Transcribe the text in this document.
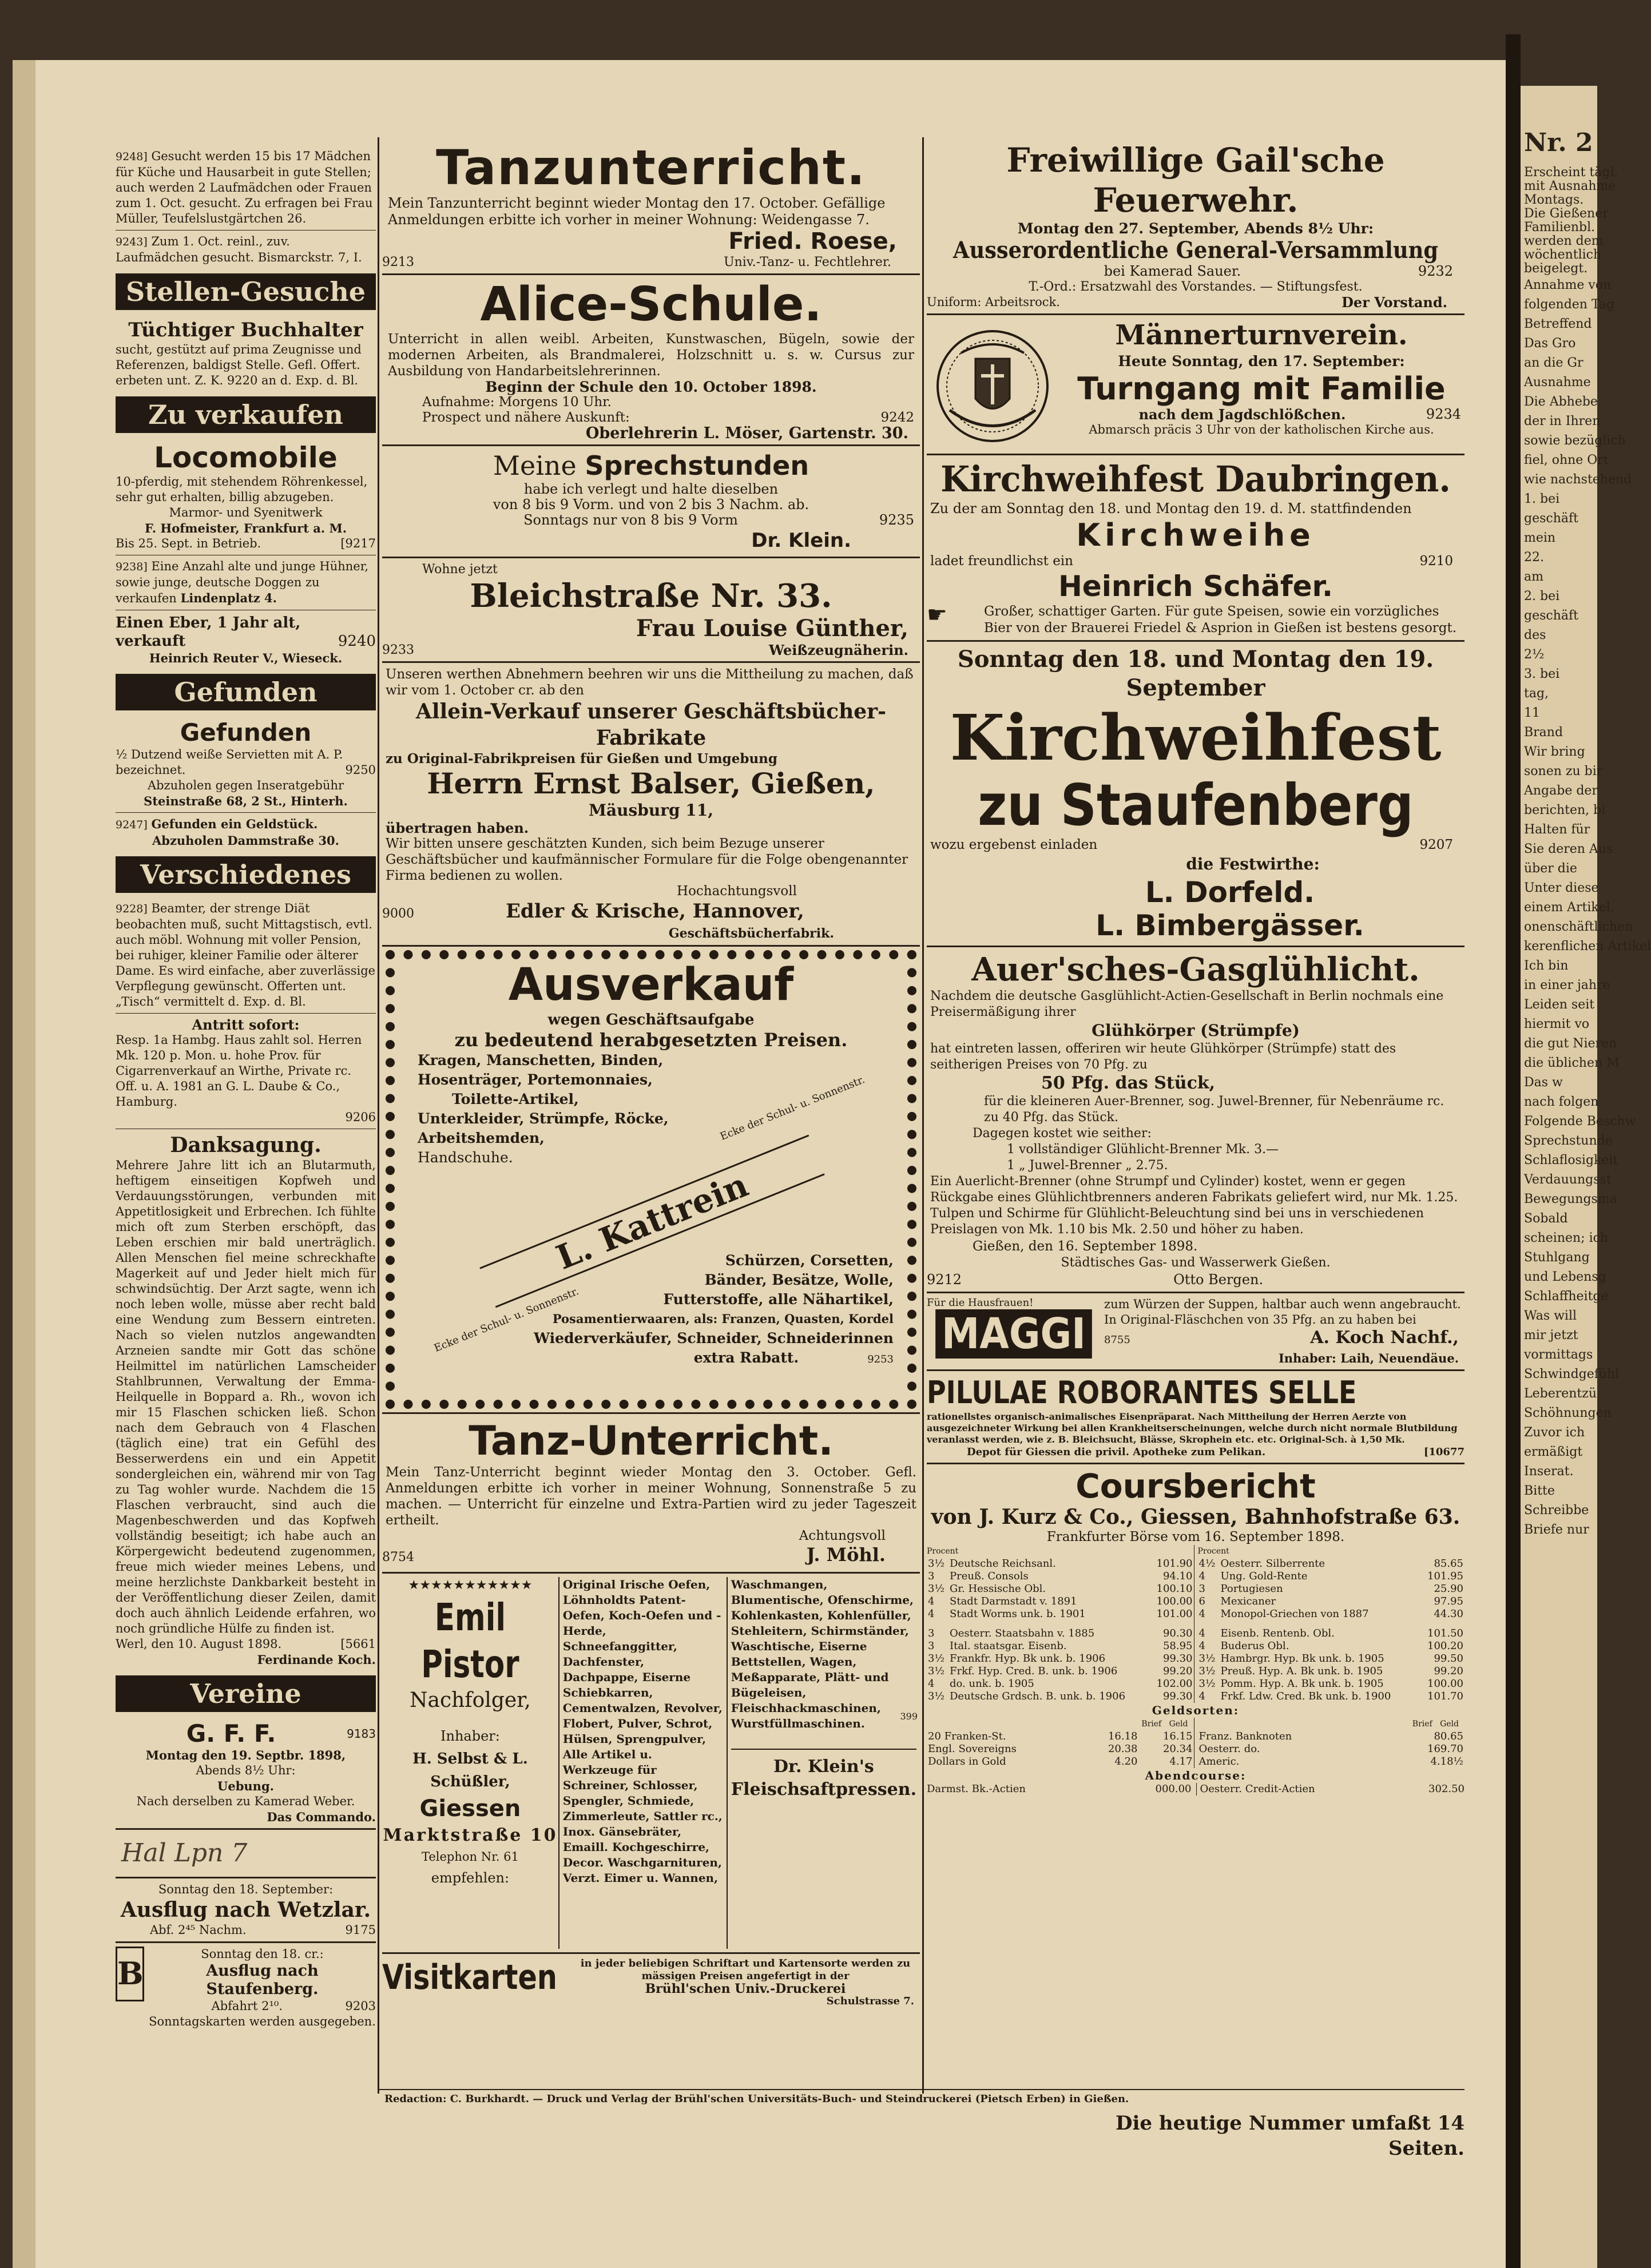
Nr. 2
Erscheint tägl.
mit Ausnahme
Montags.
Die Gießener
Familienbl.
werden dem
wöchentlich
beigelegt.
Annahme von
folgenden Tag
Betreffend
Das Gro
an die Gr
Ausnahme
Die Abhebe
der in Ihren
sowie bezüglich
fiel, ohne Ort
wie nachstehend
1. bei
geschäft
mein
22.
am
2. bei
geschäft
des
2½
3. bei
tag,
11
Brand
Wir bring
sonen zu bir
Angabe der
berichten, bi
Halten für
Sie deren Aus
über die
Unter diese
einem Artikel,
onenschäftlichen
kerenflichen Artikel
Ich bin
in einer jahre
Leiden seit
hiermit vo
die gut Nieren
die üblichen M
Das w
nach folgen
Folgende Beschw
Sprechstunde
Schlaflosigkeit
Verdauungsst
Bewegungsma
Sobald
scheinen; ich
Stuhlgang
und Lebensg
Schlaffheitge
Was will
mir jetzt
vormittags
Schwindgefühl
Leberentzü
Schöhnungen
Zuvor ich
ermäßigt
Inserat.
Bitte
Schreibbe
Briefe nur

9248] Gesucht werden 15 bis 17 Mädchen für Küche und Hausarbeit in gute Stellen; auch werden 2 Laufmädchen oder Frauen zum 1. Oct. gesucht. Zu erfragen bei Frau Müller, Teufelslustgärtchen 26.

9243] Zum 1. Oct. reinl., zuv. Laufmädchen gesucht. Bismarckstr. 7, I.

Stellen-Gesuche
Tüchtiger Buchhalter

sucht, gestützt auf prima Zeugnisse und Referenzen, baldigst Stelle. Gefl. Offert. erbeten unt. Z. K. 9220 an d. Exp. d. Bl.

Zu verkaufen
Locomobile

10-pferdig, mit stehendem Röhrenkessel, sehr gut erhalten, billig abzugeben.

Marmor- und Syenitwerk

F. Hofmeister, Frankfurt a. M.

Bis 25. Sept. in Betrieb.	[9217

9238] Eine Anzahl alte und junge Hühner, sowie junge, deutsche Doggen zu verkaufen Lindenplatz 4.

Einen Eber, 1 Jahr alt,

verkauft	9240

Heinrich Reuter V., Wieseck.

Gefunden
Gefunden

½ Dutzend weiße Servietten mit A. P. bezeichnet.	9250

Abzuholen gegen Inseratgebühr

Steinstraße 68, 2 St., Hinterh.

9247] Gefunden ein Geldstück.

Abzuholen Dammstraße 30.

Verschiedenes

9228] Beamter, der strenge Diät beobachten muß, sucht Mittagstisch, evtl. auch möbl. Wohnung mit voller Pension, bei ruhiger, kleiner Familie oder älterer Dame. Es wird einfache, aber zuverlässige Verpflegung gewünscht. Offerten unt. „Tisch“ vermittelt d. Exp. d. Bl.

Antritt sofort:

Resp. 1a Hambg. Haus zahlt sol. Herren Mk. 120 p. Mon. u. hohe Prov. für Cigarrenverkauf an Wirthe, Private rc. Off. u. A. 1981 an G. L. Daube & Co., Hamburg.

9206

Danksagung.

Mehrere Jahre litt ich an Blutarmuth, heftigem einseitigen Kopfweh und Verdauungsstörungen, verbunden mit Appetitlosigkeit und Erbrechen. Ich fühlte mich oft zum Sterben erschöpft, das Leben erschien mir bald unerträglich. Allen Menschen fiel meine schreckhafte Magerkeit auf und Jeder hielt mich für schwindsüchtig. Der Arzt sagte, wenn ich noch leben wolle, müsse aber recht bald eine Wendung zum Bessern eintreten. Nach so vielen nutzlos angewandten Arzneien sandte mir Gott das schöne Heilmittel im natürlichen Lamscheider Stahlbrunnen, Verwaltung der Emma-Heilquelle in Boppard a. Rh., wovon ich mir 15 Flaschen schicken ließ. Schon nach dem Gebrauch von 4 Flaschen (täglich eine) trat ein Gefühl des Besserwerdens ein und ein Appetit sondergleichen ein, während mir von Tag zu Tag wohler wurde. Nachdem die 15 Flaschen verbraucht, sind auch die Magenbeschwerden und das Kopfweh vollständig beseitigt; ich habe auch an Körpergewicht bedeutend zugenommen, freue mich wieder meines Lebens, und meine herzlichste Dankbarkeit besteht in der Veröffentlichung dieser Zeilen, damit doch auch ähnlich Leidende erfahren, wo noch gründliche Hülfe zu finden ist.

Werl, den 10. August 1898.	[5661

Ferdinande Koch.

Vereine
G. F. F.	9183

Montag den 19. Septbr. 1898,

Abends 8½ Uhr:

Uebung.

Nach derselben zu Kamerad Weber.

Das Commando.

Hal Lpn 7

Sonntag den 18. September:

Ausflug nach Wetzlar.

Abf. 2⁴⁵ Nachm.	9175

B

Sonntag den 18. cr.:

Ausflug nach Staufenberg.

Abfahrt 2¹⁰.	9203

Sonntagskarten werden ausgegeben.

Tanzunterricht.

Mein Tanzunterricht beginnt wieder Montag den 17. October. Gefällige Anmeldungen erbitte ich vorher in meiner Wohnung: Weidengasse 7.

Fried. Roese,

9213	Univ.-Tanz- u. Fechtlehrer.

Alice-Schule.

Unterricht in allen weibl. Arbeiten, Kunstwaschen, Bügeln, sowie der modernen Arbeiten, als Brandmalerei, Holzschnitt u. s. w. Cursus zur Ausbildung von Handarbeitslehrerinnen.

Beginn der Schule den 10. October 1898.

Aufnahme: Morgens 10 Uhr.

Prospect und nähere Auskunft:	9242

Oberlehrerin L. Möser, Gartenstr. 30.

Meine Sprechstunden

habe ich verlegt und halte dieselben

von 8 bis 9 Vorm. und von 2 bis 3 Nachm. ab.

Sonntags nur von 8 bis 9 Vorm	9235

Dr. Klein.

Wohne jetzt

Bleichstraße Nr. 33.
Frau Louise Günther,

9233	Weißzeugnäherin.

Unseren werthen Abnehmern beehren wir uns die Mittheilung zu machen, daß wir vom 1. October cr. ab den

Allein-Verkauf unserer Geschäftsbücher-Fabrikate

zu Original-Fabrikpreisen für Gießen und Umgebung

Herrn Ernst Balser, Gießen,

Mäusburg 11,

übertragen haben.

Wir bitten unsere geschätzten Kunden, sich beim Bezuge unserer Geschäftsbücher und kaufmännischer Formulare für die Folge obengenannter Firma bedienen zu wollen.

Hochachtungsvoll

9000	Edler & Krische, Hannover,

Geschäftsbücherfabrik.

Ausverkauf

wegen Geschäftsaufgabe

zu bedeutend herabgesetzten Preisen.

Kragen, Manschetten, Binden,
Hosenträger, Portemonnaies,
Toilette-Artikel,
Unterkleider, Strümpfe, Röcke,
Arbeitshemden,
Handschuhe.
L. Kattrein
Ecke der Schul- u. Sonnenstr.
Ecke der Schul- u. Sonnenstr.
Schürzen, Corsetten,
Bänder, Besätze, Wolle,
Futterstoffe, alle Nähartikel,
Posamentierwaaren, als: Franzen, Quasten, Kordel
Wiederverkäufer, Schneider, Schneiderinnen
extra Rabatt.	9253
Tanz-Unterricht.

Mein Tanz-Unterricht beginnt wieder Montag den 3. October. Gefl. Anmeldungen erbitte ich vorher in meiner Wohnung, Sonnenstraße 5 zu machen. — Unterricht für einzelne und Extra-Partien wird zu jeder Tageszeit ertheilt.

Achtungsvoll

8754	J. Möhl.

★★★★★★★★★★★
Emil Pistor
Nachfolger,
Inhaber:
H. Selbst & L. Schüßler,
Giessen
Marktstraße 10
Telephon Nr. 61
empfehlen:
Original Irische Oefen, Löhnholdts Patent-Oefen, Koch-Oefen und -Herde, Schneefanggitter, Dachfenster, Dachpappe, Eiserne Schiebkarren, Cementwalzen, Revolver, Flobert, Pulver, Schrot, Hülsen, Sprengpulver, Alle Artikel u. Werkzeuge für Schreiner, Schlosser, Spengler, Schmiede, Zimmerleute, Sattler rc., Inox. Gänsebräter, Emaill. Kochgeschirre, Decor. Waschgarnituren, Verzt. Eimer u. Wannen,
Waschmangen, Blumentische, Ofenschirme, Kohlenkasten, Kohlenfüller, Stehleitern, Schirmständer, Waschtische, Eiserne Bettstellen, Wagen, Meßapparate, Plätt- und Bügeleisen, Fleischhackmaschinen, Wurstfüllmaschinen.
399
Dr. Klein's Fleischsaftpressen.
Visitkarten	in jeder beliebigen Schriftart und Kartensorte werden zu mässigen Preisen angefertigt in der
Brühl'schen Univ.-Druckerei
Schulstrasse 7.
Freiwillige Gail'sche Feuerwehr.

Montag den 27. September, Abends 8½ Uhr:

Ausserordentliche General-Versammlung

bei Kamerad Sauer.	9232

T.-Ord.: Ersatzwahl des Vorstandes. — Stiftungsfest.

Uniform: Arbeitsrock.	Der Vorstand.

Männerturnverein.

Heute Sonntag, den 17. September:

Turngang mit Familie

nach dem Jagdschlößchen.	9234

Abmarsch präcis 3 Uhr von der katholischen Kirche aus.

Kirchweihfest Daubringen.

Zu der am Sonntag den 18. und Montag den 19. d. M. stattfindenden

Kirchweihe

ladet freundlichst ein	9210

Heinrich Schäfer.
☛	Großer, schattiger Garten. Für gute Speisen, sowie ein vorzügliches Bier von der Brauerei Friedel & Asprion in Gießen ist bestens gesorgt.

Sonntag den 18. und Montag den 19. September
Kirchweihfest
zu Staufenberg

wozu ergebenst einladen	9207

die Festwirthe:

L. Dorfeld.
L. Bimbergässer.
Auer'sches-Gasglühlicht.

Nachdem die deutsche Gasglühlicht-Actien-Gesellschaft in Berlin nochmals eine Preisermäßigung ihrer

Glühkörper (Strümpfe)

hat eintreten lassen, offeriren wir heute Glühkörper (Strümpfe) statt des seitherigen Preises von 70 Pfg. zu

50 Pfg. das Stück,

für die kleineren Auer-Brenner, sog. Juwel-Brenner, für Nebenräume rc. zu 40 Pfg. das Stück.

Dagegen kostet wie seither:

1 vollständiger Glühlicht-Brenner Mk. 3.—

1 „ Juwel-Brenner „ 2.75.

Ein Auerlicht-Brenner (ohne Strumpf und Cylinder) kostet, wenn er gegen Rückgabe eines Glühlichtbrenners anderen Fabrikats geliefert wird, nur Mk. 1.25.

Tulpen und Schirme für Glühlicht-Beleuchtung sind bei uns in verschiedenen Preislagen von Mk. 1.10 bis Mk. 2.50 und höher zu haben.

Gießen, den 16. September 1898.

Städtisches Gas- und Wasserwerk Gießen.

9212	Otto Bergen.

Für die Hausfrauen!
MAGGI

zum Würzen der Suppen, haltbar auch wenn angebraucht. In Original-Fläschchen von 35 Pfg. an zu haben bei

8755	A. Koch Nachf.,

Inhaber: Laih, Neuendäue.

PILULAE ROBORANTES SELLE

rationellstes organisch-animalisches Eisenpräparat. Nach Mittheilung der Herren Aerzte von ausgezeichneter Wirkung bei allen Krankheitserscheinungen, welche durch nicht normale Blutbildung veranlasst werden, wie z. B. Bleichsucht, Blässe, Skrophein etc. etc. Original-Sch. à 1,50 Mk.

Depot für Giessen die privil. Apotheke zum Pelikan.	[10677

Coursbericht
von J. Kurz & Co., Giessen, Bahnhofstraße 63.

Frankfurter Börse vom 16. September 1898.

Procent
3½	Deutsche Reichsanl.	101.90
3	Preuß. Consols	94.10
3½	Gr. Hessische Obl.	100.10
4	Stadt Darmstadt v. 1891	100.00
4	Stadt Worms unk. b. 1901	101.00
3	Oesterr. Staatsbahn v. 1885	90.30
3	Ital. staatsgar. Eisenb.	58.95
3½	Frankfr. Hyp. Bk unk. b. 1906	99.30
3½	Frkf. Hyp. Cred. B. unk. b. 1906	99.20
4	do. unk. b. 1905	102.00
3½	Deutsche Grdsch. B. unk. b. 1906	99.30
Procent
4½	Oesterr. Silberrente	85.65
4	Ung. Gold-Rente	101.95
3	Portugiesen	25.90
6	Mexicaner	97.95
4	Monopol-Griechen von 1887	44.30
4	Eisenb. Rentenb. Obl.	101.50
4	Buderus Obl.	100.20
3½	Hambrgr. Hyp. Bk unk. b. 1905	99.50
3½	Preuß. Hyp. A. Bk unk. b. 1905	99.20
3½	Pomm. Hyp. A. Bk unk. b. 1905	100.00
4	Frkf. Ldw. Cred. Bk unk. b. 1900	101.70
Geldsorten:
Brief Geld
20 Franken-St.	16.18	16.15
Engl. Sovereigns	20.38	20.34
Dollars in Gold	4.20	4.17
Brief Geld
Franz. Banknoten		80.65
Oesterr. do.		169.70
Americ.		4.18½
Abendcourse:
Darmst. Bk.-Actien	000.00 Oesterr. Credit-Actien	302.50
Redaction: C. Burkhardt. — Druck und Verlag der Brühl'schen Universitäts-Buch- und Steindruckerei (Pietsch Erben) in Gießen.
Die heutige Nummer umfaßt 14 Seiten.
